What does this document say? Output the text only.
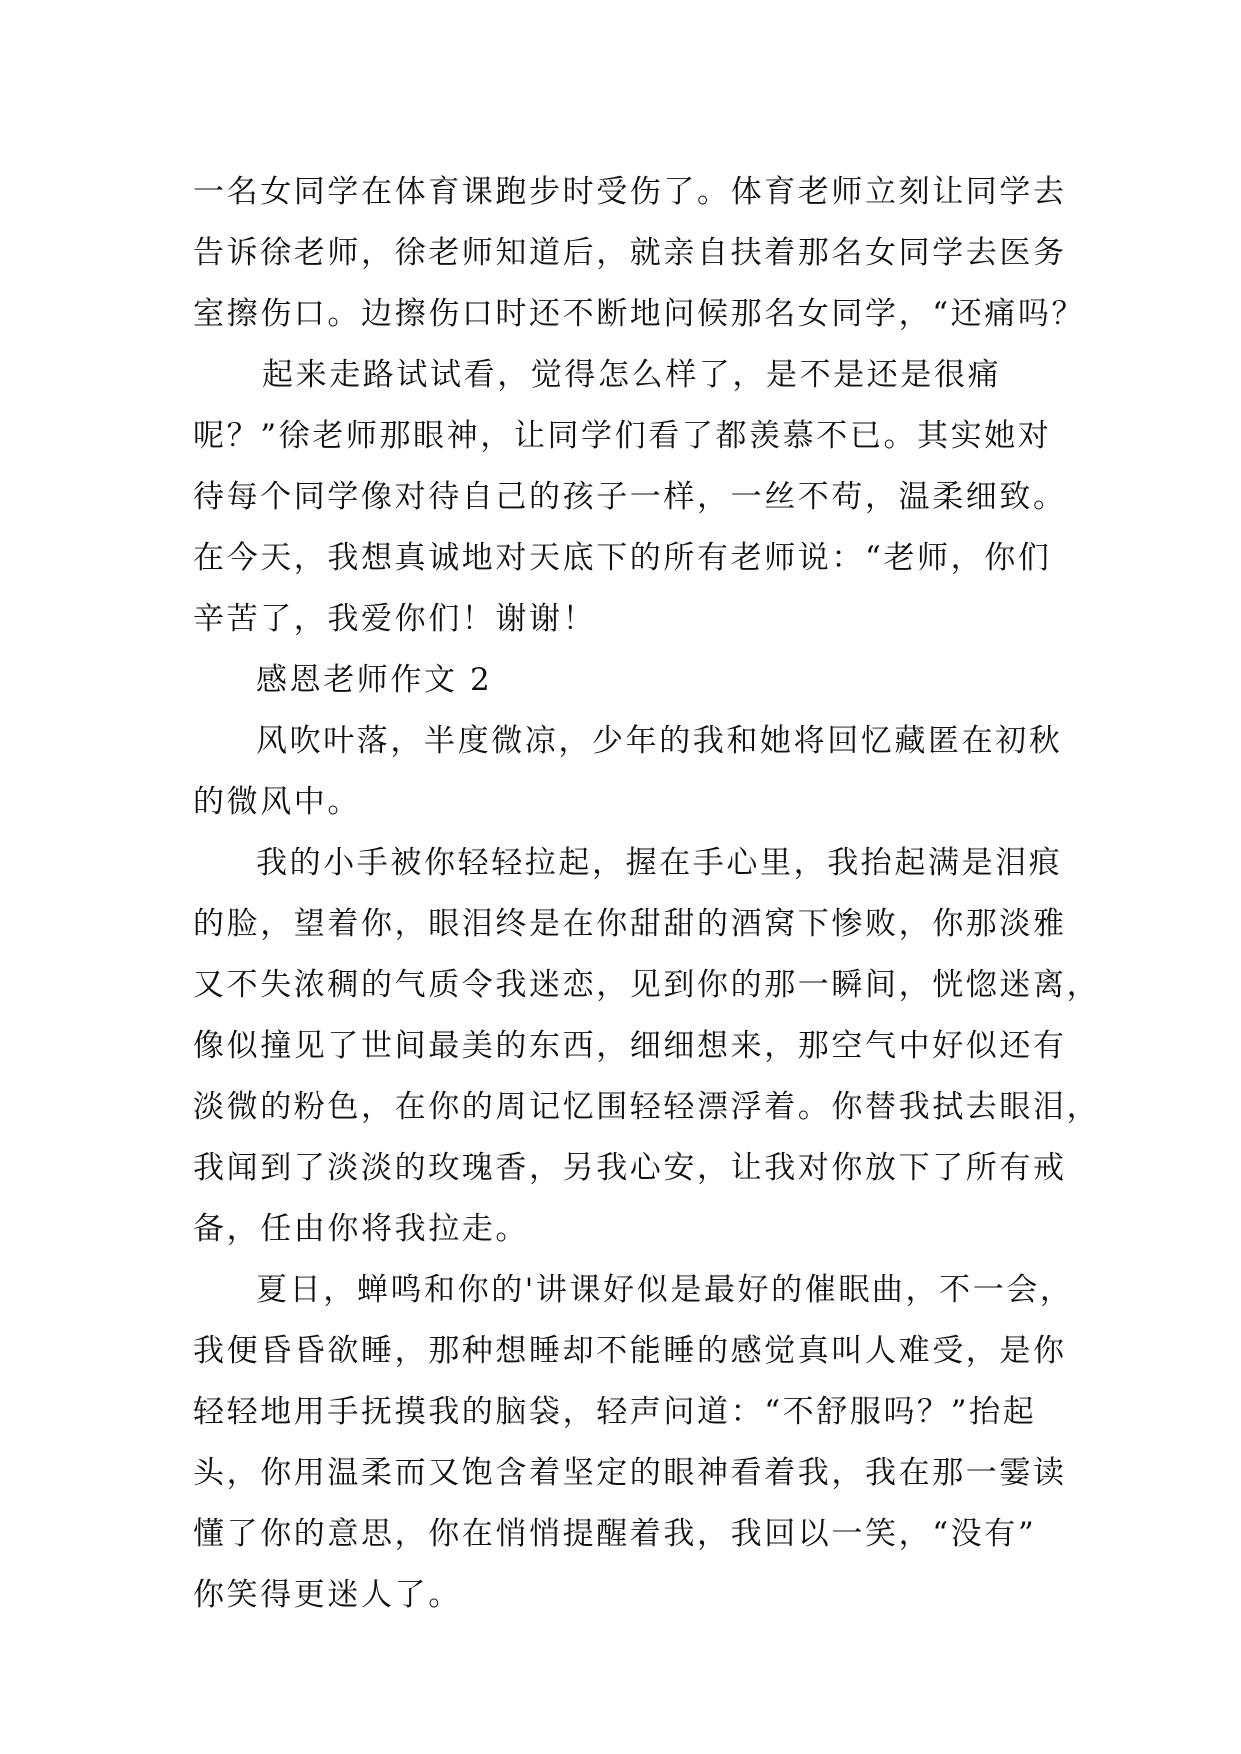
一名女同学在体育课跑步时受伤了。体育老师立刻让同学去
告诉徐老师，徐老师知道后，就亲自扶着那名女同学去医务
室擦伤口。边擦伤口时还不断地问候那名女同学，“还痛吗？
起来走路试试看，觉得怎么样了，是不是还是很痛
呢？”徐老师那眼神，让同学们看了都羡慕不已。其实她对
待每个同学像对待自己的孩子一样，一丝不苟，温柔细致。
在今天，我想真诚地对天底下的所有老师说：“老师，你们
辛苦了，我爱你们！谢谢！
感恩老师作文 2
风吹叶落，半度微凉，少年的我和她将回忆藏匿在初秋
的微风中。
我的小手被你轻轻拉起，握在手心里，我抬起满是泪痕
的脸，望着你，眼泪终是在你甜甜的酒窝下惨败，你那淡雅
又不失浓稠的气质令我迷恋，见到你的那一瞬间，恍惚迷离，
像似撞见了世间最美的东西，细细想来，那空气中好似还有
淡微的粉色，在你的周记忆围轻轻漂浮着。你替我拭去眼泪，
我闻到了淡淡的玫瑰香，另我心安，让我对你放下了所有戒
备，任由你将我拉走。
夏日，蝉鸣和你的'讲课好似是最好的催眠曲，不一会，
我便昏昏欲睡，那种想睡却不能睡的感觉真叫人难受，是你
轻轻地用手抚摸我的脑袋，轻声问道：“不舒服吗？”抬起
头，你用温柔而又饱含着坚定的眼神看着我，我在那一霎读
懂了你的意思，你在悄悄提醒着我，我回以一笑，“没有”
你笑得更迷人了。
